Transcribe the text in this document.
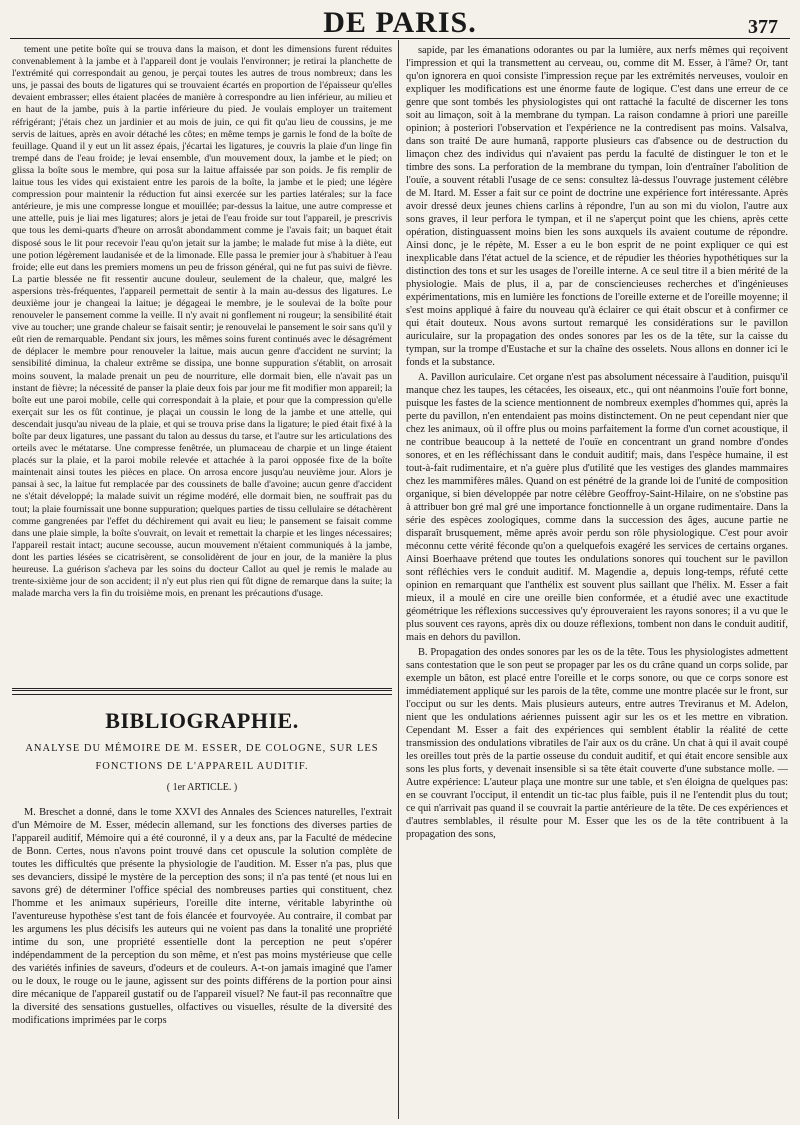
DE PARIS.	377

tement une petite boîte qui se trouva dans la maison, et dont les dimensions furent réduites convenablement à la jambe et à l'appareil dont je voulais l'environner; je retirai la planchette de l'extrémité qui correspondait au genou, je perçai toutes les autres de trous nombreux; dans les uns, je passai des bouts de ligatures qui se trouvaient écartés en proportion de l'épaisseur qu'elles devaient embrasser; elles étaient placées de manière à correspondre au lien inférieur, au milieu et en haut de la jambe, puis à la partie inférieure du pied. Je voulais employer un traitement réfrigérant; j'étais chez un jardinier et au mois de juin, ce qui fit qu'au lieu de coussins, je me servis de laitues, après en avoir détaché les côtes; en même temps je garnis le fond de la boîte de feuillage. Quand il y eut un lit assez épais, j'écartai les ligatures, je couvris la plaie d'un linge fin trempé dans de l'eau froide; je levai ensemble, d'un mouvement doux, la jambe et le pied; on glissa la boîte sous le membre, qui posa sur la laitue affaissée par son poids. Je fis remplir de laitue tous les vides qui existaient entre les parois de la boîte, la jambe et le pied; une légère compression pour maintenir la réduction fut ainsi exercée sur les parties latérales; sur la face antérieure, je mis une compresse longue et mouillée; par-dessus la laitue, une autre compresse et une attelle, puis je liai mes ligatures; alors je jetai de l'eau froide sur tout l'appareil, je prescrivis que tous les demi-quarts d'heure on arrosât abondamment comme je l'avais fait; un baquet était disposé sous le lit pour recevoir l'eau qu'on jetait sur la jambe; le malade fut mise à la diète, eut une potion légèrement laudanisée et de la limonade. Elle passa le premier jour à s'habituer à l'eau froide; elle eut dans les premiers momens un peu de frisson général, qui ne fut pas suivi de fièvre. La partie blessée ne fit ressentir aucune douleur, seulement de la chaleur, que, malgré les aspersions très-fréquentes, l'appareil permettait de sentir à la main au-dessus des ligatures. Le deuxième jour je changeai la laitue; je dégageai le membre, je le soulevai de la boîte pour renouveler le pansement comme la veille. Il n'y avait ni gonflement ni rougeur; la sensibilité était vive au toucher; une grande chaleur se faisait sentir; je renouvelai le pansement le soir sans qu'il y eût rien de remarquable. Pendant six jours, les mêmes soins furent continués avec le désagrément de déplacer le membre pour renouveler la laitue, mais aucun genre d'accident ne survint; la sensibilité diminua, la chaleur extrême se dissipa, une bonne suppuration s'établit, on arrosait moins souvent, la malade prenait un peu de nourriture, elle dormait bien, elle n'avait pas un instant de fièvre; la nécessité de panser la plaie deux fois par jour me fit modifier mon appareil; la boîte eut une paroi mobile, celle qui correspondait à la plaie, et pour que la compression qu'elle exerçait sur les os fût continue, je plaçai un coussin le long de la jambe et une attelle, qui descendait jusqu'au niveau de la plaie, et qui se trouva prise dans la ligature; le pied était fixé à la boîte par deux ligatures, une passant du talon au dessus du tarse, et l'autre sur les articulations des orteils avec le métatarse. Une compresse fenêtrée, un plumaceau de charpie et un linge étaient placés sur la plaie, et la paroi mobile relevée et attachée à la paroi opposée fixe de la boîte maintenait ainsi toutes les pièces en place. On arrosa encore jusqu'au neuvième jour. Alors je pansai à sec, la laitue fut remplacée par des coussinets de balle d'avoine; aucun genre d'accident ne s'était développé; la malade suivit un régime modéré, elle dormait bien, ne souffrait pas du tout; la plaie fournissait une bonne suppuration; quelques parties de tissu cellulaire se détachèrent comme gangrenées par l'effet du déchirement qui avait eu lieu; le pansement se faisait comme dans une plaie simple, la boîte s'ouvrait, on levait et remettait la charpie et les linges nécessaires; l'appareil restait intact; aucune secousse, aucun mouvement n'étaient communiqués à la jambe, dont les parties lésées se cicatrisèrent, se consolidèrent de jour en jour, de la manière la plus heureuse. La guérison s'acheva par les soins du docteur Callot au quel je remis le malade au trente-sixième jour de son accident; il n'y eut plus rien qui fût digne de remarque dans la suite; la malade marcha vers la fin du troisième mois, en prenant les précautions d'usage.

BIBLIOGRAPHIE.
ANALYSE DU MÉMOIRE DE M. ESSER, DE COLOGNE, SUR LES FONCTIONS DE L'APPAREIL AUDITIF.
( 1er ARTICLE. )

M. Breschet a donné, dans le tome XXVI des Annales des Sciences naturelles, l'extrait d'un Mémoire de M. Esser, médecin allemand, sur les fonctions des diverses parties de l'appareil auditif, Mémoire qui a été couronné, il y a deux ans, par la Faculté de médecine de Bonn. Certes, nous n'avons point trouvé dans cet opuscule la solution complète de toutes les difficultés que présente la physiologie de l'audition. M. Esser n'a pas, plus que ses devanciers, dissipé le mystère de la perception des sons; il n'a pas tenté (et nous lui en savons gré) de déterminer l'office spécial des nombreuses parties qui constituent, chez l'homme et les animaux supérieurs, l'oreille dite interne, véritable labyrinthe où l'aventureuse hypothèse s'est tant de fois élancée et fourvoyée. Au contraire, il combat par les argumens les plus décisifs les auteurs qui ne voient pas dans la tonalité une propriété intime du son, une propriété essentielle dont la perception ne peut s'opérer indépendamment de la perception du son même, et n'est pas moins mystérieuse que celle des variétés infinies de saveurs, d'odeurs et de couleurs. A-t-on jamais imaginé que l'amer ou le doux, le rouge ou le jaune, agissent sur des points différens de la portion pour ainsi dire mécanique de l'appareil gustatif ou de l'appareil visuel? Ne faut-il pas reconnaître que la diversité des sensations gustuelles, olfactives ou visuelles, résulte de la diversité des modifications imprimées par le corps

sapide, par les émanations odorantes ou par la lumière, aux nerfs mêmes qui reçoivent l'impression et qui la transmettent au cerveau, ou, comme dit M. Esser, à l'âme? Or, tant qu'on ignorera en quoi consiste l'impression reçue par les extrémités nerveuses, vouloir en expliquer les modifications est une énorme faute de logique. C'est dans une erreur de ce genre que sont tombés les physiologistes qui ont rattaché la faculté de discerner les tons soit au limaçon, soit à la membrane du tympan. La raison condamne à priori une pareille opinion; à posteriori l'observation et l'expérience ne la contredisent pas moins. Valsalva, dans son traité De aure humanâ, rapporte plusieurs cas d'absence ou de destruction du limaçon chez des individus qui n'avaient pas perdu la faculté de distinguer le ton et le timbre des sons. La perforation de la membrane du tympan, loin d'entraîner l'abolition de l'ouïe, a souvent rétabli l'usage de ce sens: consultez là-dessus l'ouvrage justement célèbre de M. Itard. M. Esser a fait sur ce point de doctrine une expérience fort intéressante. Après avoir dressé deux jeunes chiens carlins à répondre, l'un au son mi du violon, l'autre aux sons graves, il leur perfora le tympan, et il ne s'aperçut point que les chiens, après cette opération, distinguassent moins bien les sons auxquels ils avaient coutume de répondre. Ainsi donc, je le répète, M. Esser a eu le bon esprit de ne point expliquer ce qui est inexplicable dans l'état actuel de la science, et de répudier les théories hypothétiques sur la distinction des tons et sur les usages de l'oreille interne. A ce seul titre il a bien mérité de la physiologie. Mais de plus, il a, par de consciencieuses recherches et d'ingénieuses expérimentations, mis en lumière les fonctions de l'oreille externe et de l'oreille moyenne; il s'est moins appliqué à faire du nouveau qu'à éclairer ce qui était obscur et à confirmer ce qui était douteux. Nous avons surtout remarqué les considérations sur le pavillon auriculaire, sur la propagation des ondes sonores par les os de la tête, sur la caisse du tympan, sur la trompe d'Eustache et sur la chaîne des osselets. Nous allons en donner ici le fonds et la substance.

A. Pavillon auriculaire. Cet organe n'est pas absolument nécessaire à l'audition, puisqu'il manque chez les taupes, les cétacées, les oiseaux, etc., qui ont néanmoins l'ouïe fort bonne, puisque les fastes de la science mentionnent de nombreux exemples d'hommes qui, après la perte du pavillon, n'en entendaient pas moins distinctement. On ne peut cependant nier que chez les animaux, où il offre plus ou moins parfaitement la forme d'un cornet acoustique, il ne contribue beaucoup à la netteté de l'ouïe en concentrant un grand nombre d'ondes sonores, et en les réfléchissant dans le conduit auditif; mais, dans l'espèce humaine, il est tout-à-fait rudimentaire, et n'a guère plus d'utilité que les vestiges des glandes mammaires chez les mammifères mâles. Quand on est pénétré de la grande loi de l'unité de composition organique, si bien développée par notre célèbre Geoffroy-Saint-Hilaire, on ne s'obstine pas à attribuer bon gré mal gré une importance fonctionnelle à un organe rudimentaire. Dans la série des espèces zoologiques, comme dans la succession des âges, aucune partie ne disparaît brusquement, même après avoir perdu son rôle physiologique. C'est pour avoir méconnu cette vérité féconde qu'on a quelquefois exagéré les services de certains organes. Ainsi Boerhaave prétend que toutes les ondulations sonores qui touchent sur le pavillon sont réfléchies vers le conduit auditif. M. Magendie a, depuis long-temps, réfuté cette opinion en remarquant que l'anthélix est souvent plus saillant que l'hélix. M. Esser a fait mieux, il a moulé en cire une oreille bien conformée, et a étudié avec une exactitude géométrique les réflexions successives qu'y éprouveraient les rayons sonores; il a vu que le plus souvent ces rayons, après dix ou douze réflexions, tombent non dans le conduit auditif, mais en dehors du pavillon.

B. Propagation des ondes sonores par les os de la tête. Tous les physiologistes admettent sans contestation que le son peut se propager par les os du crâne quand un corps solide, par exemple un bâton, est placé entre l'oreille et le corps sonore, ou que ce corps sonore est immédiatement appliqué sur les parois de la tête, comme une montre placée sur le front, sur l'occiput ou sur les dents. Mais plusieurs auteurs, entre autres Treviranus et M. Adelon, nient que les ondulations aériennes puissent agir sur les os et les mettre en vibration. Cependant M. Esser a fait des expériences qui semblent établir la réalité de cette transmission des ondulations vibratiles de l'air aux os du crâne. Un chat à qui il avait coupé les oreilles tout près de la partie osseuse du conduit auditif, et qui était encore sensible aux sons les plus forts, y devenait insensible si sa tête était couverte d'une substance molle. —Autre expérience: L'auteur plaça une montre sur une table, et s'en éloigna de quelques pas: en se couvrant l'occiput, il entendit un tic-tac plus faible, puis il ne l'entendit plus du tout; ce qui n'arrivait pas quand il se couvrait la partie antérieure de la tête. De ces expériences et d'autres semblables, il résulte pour M. Esser que les os de la tête contribuent à la propagation des sons,
